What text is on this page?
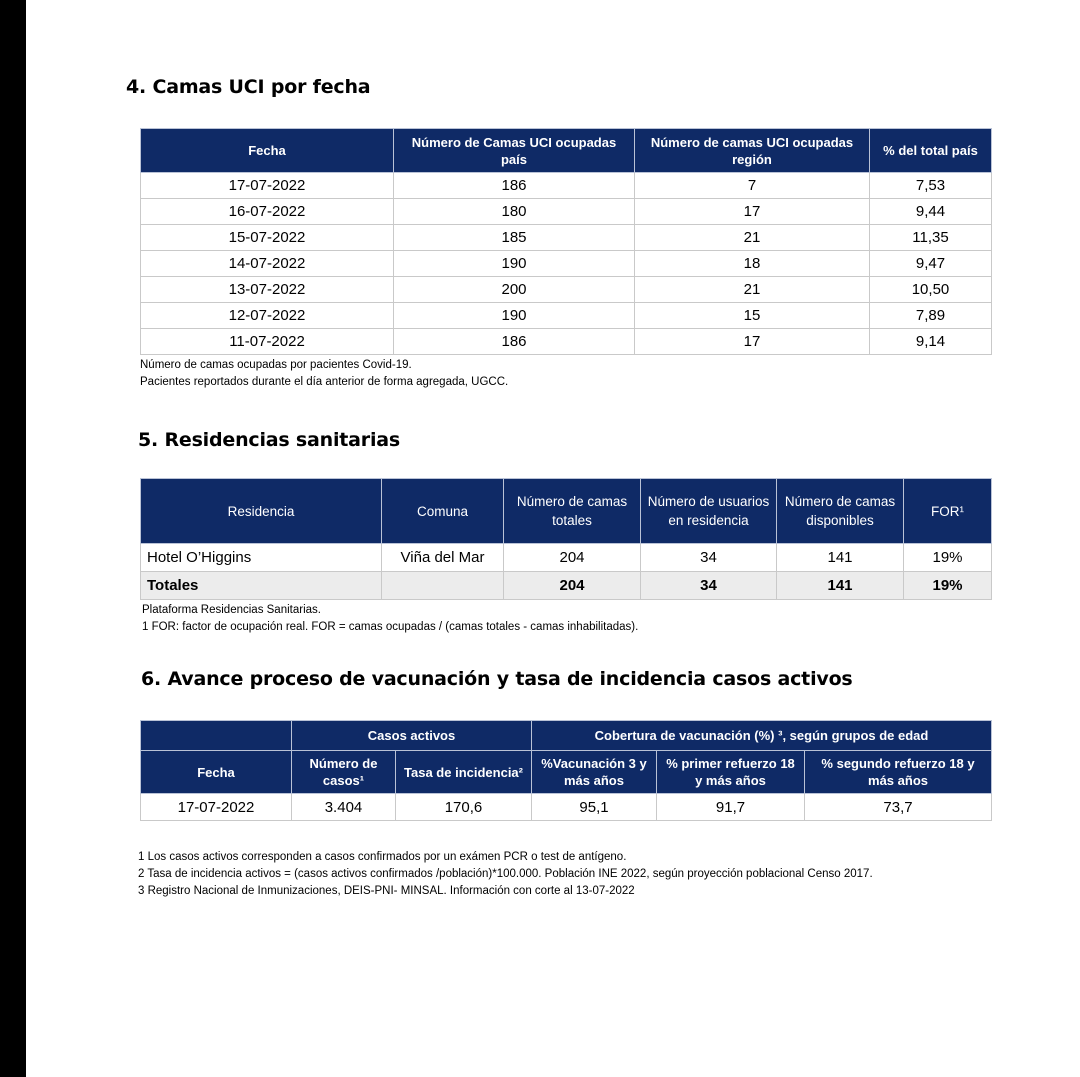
4. Camas UCI por fecha
Fecha	Número de Camas UCI ocupadas país	Número de camas UCI ocupadas región	% del total país
17-07-2022	186	7	7,53
16-07-2022	180	17	9,44
15-07-2022	185	21	11,35
14-07-2022	190	18	9,47
13-07-2022	200	21	10,50
12-07-2022	190	15	7,89
11-07-2022	186	17	9,14
Número de camas ocupadas por pacientes Covid-19.
Pacientes reportados durante el día anterior de forma agregada, UGCC.
5. Residencias sanitarias
Residencia	Comuna	Número de camas totales	Número de usuarios en residencia	Número de camas disponibles	FOR¹
Hotel O’Higgins	Viña del Mar	204	34	141	19%
Totales		204	34	141	19%
Plataforma Residencias Sanitarias.
1 FOR: factor de ocupación real. FOR = camas ocupadas / (camas totales - camas inhabilitadas).
6. Avance proceso de vacunación y tasa de incidencia casos activos
	Casos activos		Cobertura de vacunación (%) ³, según grupos de edad		
Fecha	Número de casos¹	Tasa de incidencia²	%Vacunación 3 y más años	% primer refuerzo 18 y más años	% segundo refuerzo 18 y más años
17-07-2022	3.404	170,6	95,1	91,7	73,7
1 Los casos activos corresponden a casos confirmados por un exámen PCR o test de antígeno.
2 Tasa de incidencia activos = (casos activos confirmados /población)*100.000. Población INE 2022, según proyección poblacional Censo 2017.
3 Registro Nacional de Inmunizaciones, DEIS-PNI- MINSAL. Información con corte al 13-07-2022
